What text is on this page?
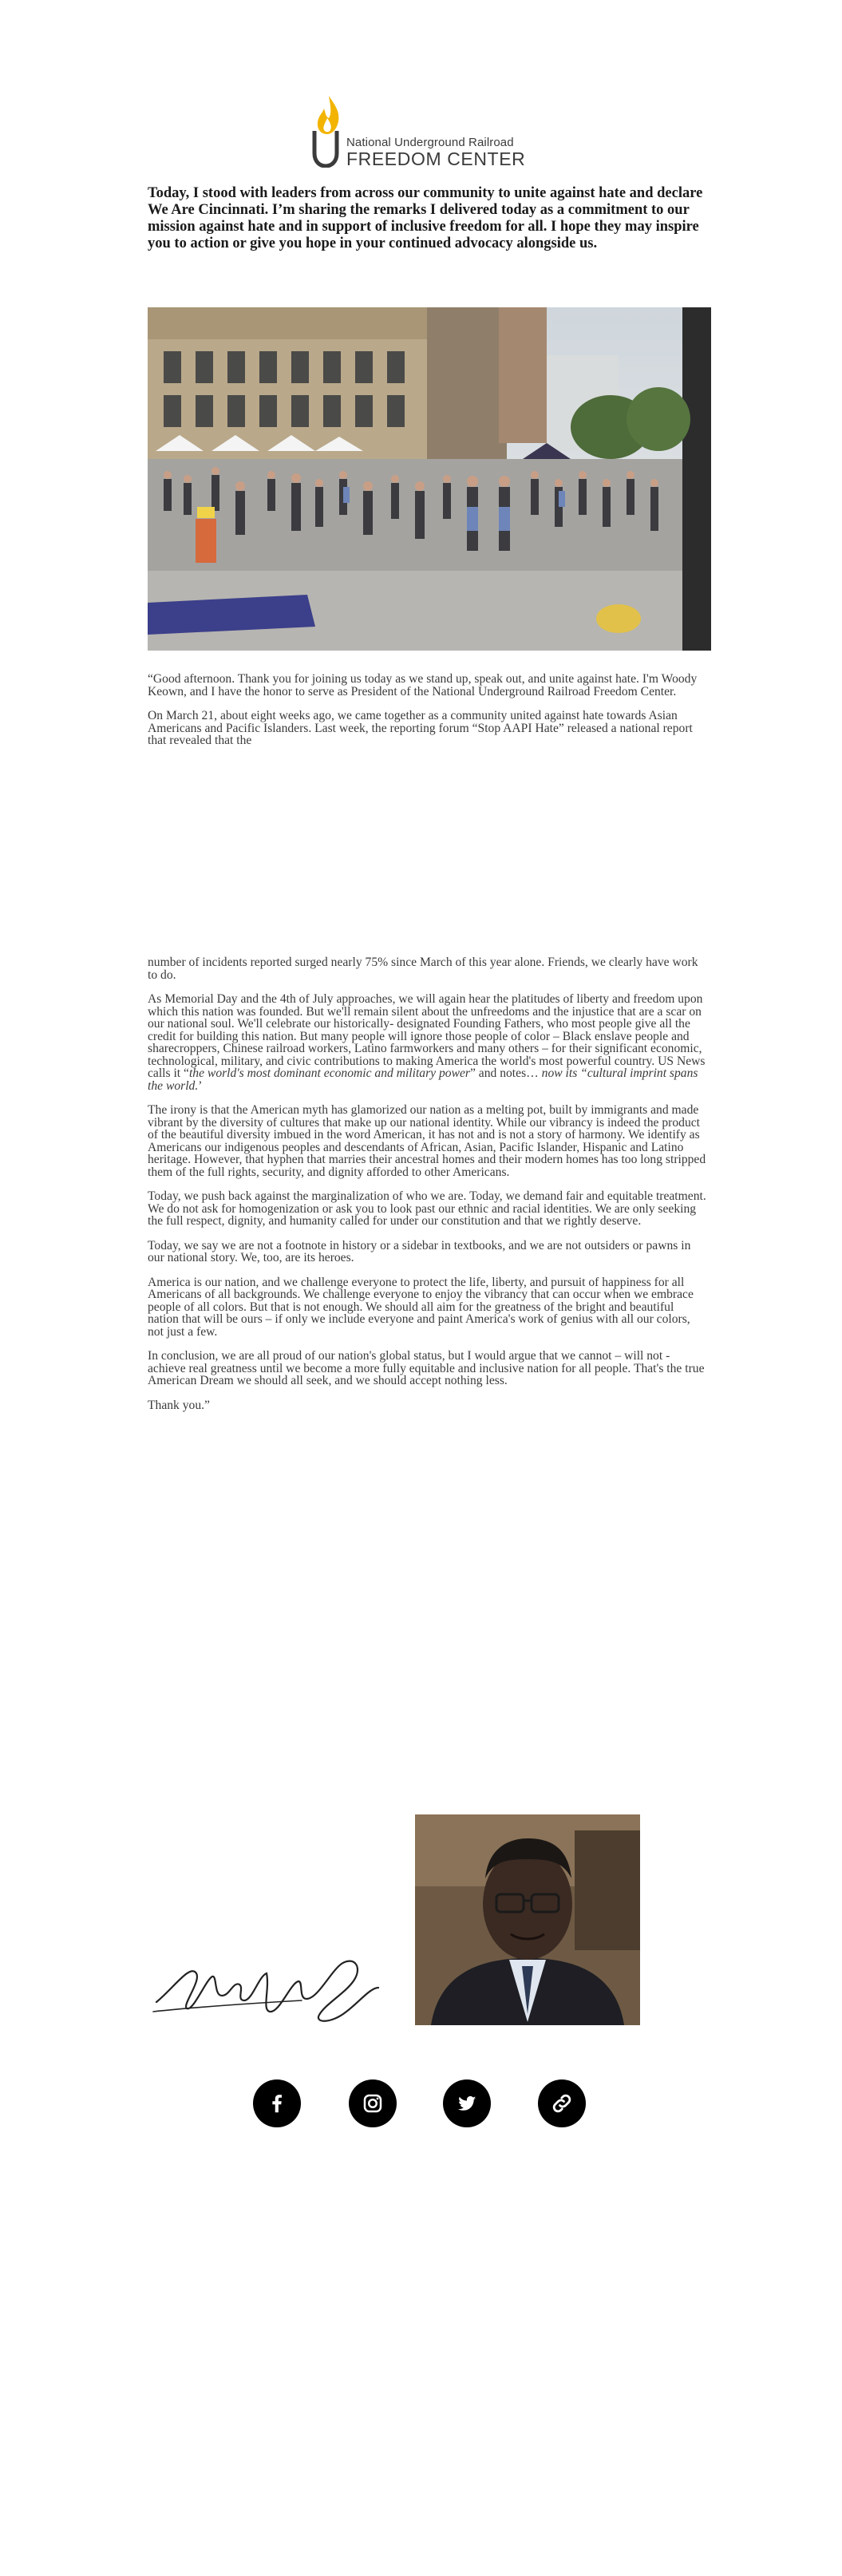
National Underground Railroad
FREEDOM CENTER

Today, I stood with leaders from across our community to unite against hate and declare We Are Cincinnati. I’m sharing the remarks I delivered today as a commitment to our mission against hate and in support of inclusive freedom for all. I hope they may inspire you to action or give you hope in your continued advocacy alongside us.

“Good afternoon. Thank you for joining us today as we stand up, speak out, and unite against hate. I'm Woody Keown, and I have the honor to serve as President of the National Underground Railroad Freedom Center.

On March 21, about eight weeks ago, we came together as a community united against hate towards Asian Americans and Pacific Islanders. Last week, the reporting forum “Stop AAPI Hate” released a national report that revealed that the

number of incidents reported surged nearly 75% since March of this year alone. Friends, we clearly have work to do.

As Memorial Day and the 4th of July approaches, we will again hear the platitudes of liberty and freedom upon which this nation was founded. But we'll remain silent about the unfreedoms and the injustice that are a scar on our national soul. We'll celebrate our historically- designated Founding Fathers, who most people give all the credit for building this nation. But many people will ignore those people of color – Black enslave people and sharecroppers, Chinese railroad workers, Latino farmworkers and many others – for their significant economic, technological, military, and civic contributions to making America the world's most powerful country. US News calls it “the world's most dominant economic and military power” and notes… now its “cultural imprint spans the world.’

The irony is that the American myth has glamorized our nation as a melting pot, built by immigrants and made vibrant by the diversity of cultures that make up our national identity. While our vibrancy is indeed the product of the beautiful diversity imbued in the word American, it has not and is not a story of harmony. We identify as Americans our indigenous peoples and descendants of African, Asian, Pacific Islander, Hispanic and Latino heritage. However, that hyphen that marries their ancestral homes and their modern homes has too long stripped them of the full rights, security, and dignity afforded to other Americans.

Today, we push back against the marginalization of who we are. Today, we demand fair and equitable treatment. We do not ask for homogenization or ask you to look past our ethnic and racial identities. We are only seeking the full respect, dignity, and humanity called for under our constitution and that we rightly deserve.

Today, we say we are not a footnote in history or a sidebar in textbooks, and we are not outsiders or pawns in our national story. We, too, are its heroes.

America is our nation, and we challenge everyone to protect the life, liberty, and pursuit of happiness for all Americans of all backgrounds. We challenge everyone to enjoy the vibrancy that can occur when we embrace people of all colors. But that is not enough. We should all aim for the greatness of the bright and beautiful nation that will be ours – if only we include everyone and paint America's work of genius with all our colors, not just a few.

In conclusion, we are all proud of our nation's global status, but I would argue that we cannot – will not - achieve real greatness until we become a more fully equitable and inclusive nation for all people. That's the true American Dream we should all seek, and we should accept nothing less.

Thank you.”
